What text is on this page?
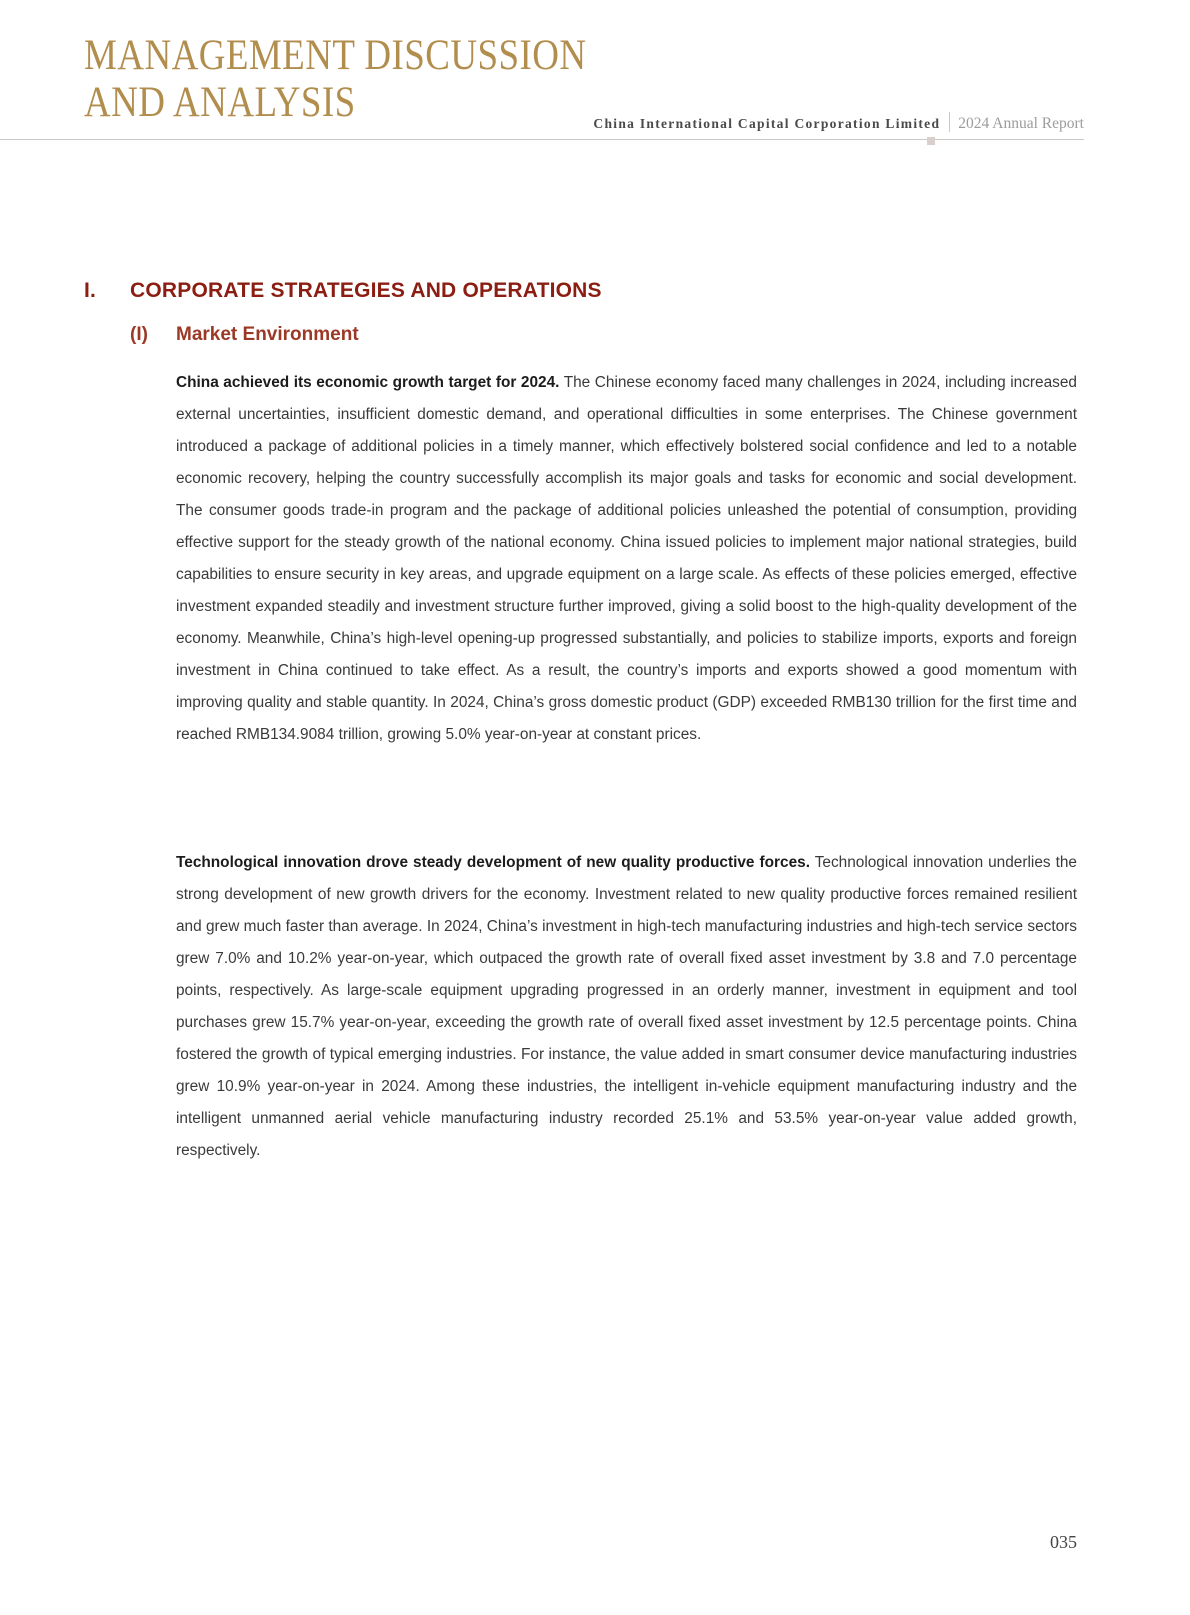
MANAGEMENT DISCUSSION
AND ANALYSIS	China International Capital Corporation Limited 2024 Annual Report
I. CORPORATE STRATEGIES AND OPERATIONS
(I) Market Environment

China achieved its economic growth target for 2024. The Chinese economy faced many challenges in 2024, including increased external uncertainties, insufficient domestic demand, and operational difficulties in some enterprises. The Chinese government introduced a package of additional policies in a timely manner, which effectively bolstered social confidence and led to a notable economic recovery, helping the country successfully accomplish its major goals and tasks for economic and social development. The consumer goods trade-in program and the package of additional policies unleashed the potential of consumption, providing effective support for the steady growth of the national economy. China issued policies to implement major national strategies, build capabilities to ensure security in key areas, and upgrade equipment on a large scale. As effects of these policies emerged, effective investment expanded steadily and investment structure further improved, giving a solid boost to the high-quality development of the economy. Meanwhile, China’s high-level opening-up progressed substantially, and policies to stabilize imports, exports and foreign investment in China continued to take effect. As a result, the country’s imports and exports showed a good momentum with improving quality and stable quantity. In 2024, China’s gross domestic product (GDP) exceeded RMB130 trillion for the first time and reached RMB134.9084 trillion, growing 5.0% year-on-year at constant prices.

Technological innovation drove steady development of new quality productive forces. Technological innovation underlies the strong development of new growth drivers for the economy. Investment related to new quality productive forces remained resilient and grew much faster than average. In 2024, China’s investment in high-tech manufacturing industries and high-tech service sectors grew 7.0% and 10.2% year-on-year, which outpaced the growth rate of overall fixed asset investment by 3.8 and 7.0 percentage points, respectively. As large-scale equipment upgrading progressed in an orderly manner, investment in equipment and tool purchases grew 15.7% year-on-year, exceeding the growth rate of overall fixed asset investment by 12.5 percentage points. China fostered the growth of typical emerging industries. For instance, the value added in smart consumer device manufacturing industries grew 10.9% year-on-year in 2024. Among these industries, the intelligent in-vehicle equipment manufacturing industry and the intelligent unmanned aerial vehicle manufacturing industry recorded 25.1% and 53.5% year-on-year value added growth, respectively.

035
